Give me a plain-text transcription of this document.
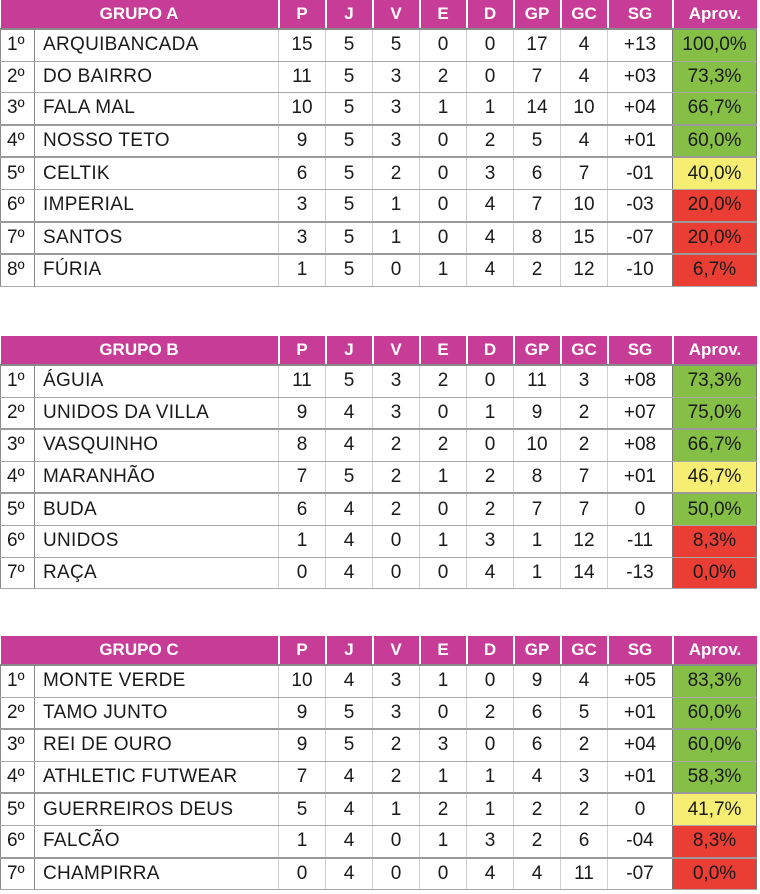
GRUPO A		P	J	V	E	D	GP	GC	SG	Aprov.
1º	ARQUIBANCADA	15	5	5	0	0	17	4	+13	100,0%
2º	DO BAIRRO	11	5	3	2	0	7	4	+03	73,3%
3º	FALA MAL	10	5	3	1	1	14	10	+04	66,7%
4º	NOSSO TETO	9	5	3	0	2	5	4	+01	60,0%
5º	CELTIK	6	5	2	0	3	6	7	-01	40,0%
6º	IMPERIAL	3	5	1	0	4	7	10	-03	20,0%
7º	SANTOS	3	5	1	0	4	8	15	-07	20,0%
8º	FÚRIA	1	5	0	1	4	2	12	-10	6,7%
GRUPO B		P	J	V	E	D	GP	GC	SG	Aprov.
1º	ÁGUIA	11	5	3	2	0	11	3	+08	73,3%
2º	UNIDOS DA VILLA	9	4	3	0	1	9	2	+07	75,0%
3º	VASQUINHO	8	4	2	2	0	10	2	+08	66,7%
4º	MARANHÃO	7	5	2	1	2	8	7	+01	46,7%
5º	BUDA	6	4	2	0	2	7	7	0	50,0%
6º	UNIDOS	1	4	0	1	3	1	12	-11	8,3%
7º	RAÇA	0	4	0	0	4	1	14	-13	0,0%
GRUPO C		P	J	V	E	D	GP	GC	SG	Aprov.
1º	MONTE VERDE	10	4	3	1	0	9	4	+05	83,3%
2º	TAMO JUNTO	9	5	3	0	2	6	5	+01	60,0%
3º	REI DE OURO	9	5	2	3	0	6	2	+04	60,0%
4º	ATHLETIC FUTWEAR	7	4	2	1	1	4	3	+01	58,3%
5º	GUERREIROS DEUS	5	4	1	2	1	2	2	0	41,7%
6º	FALCÃO	1	4	0	1	3	2	6	-04	8,3%
7º	CHAMPIRRA	0	4	0	0	4	4	11	-07	0,0%
